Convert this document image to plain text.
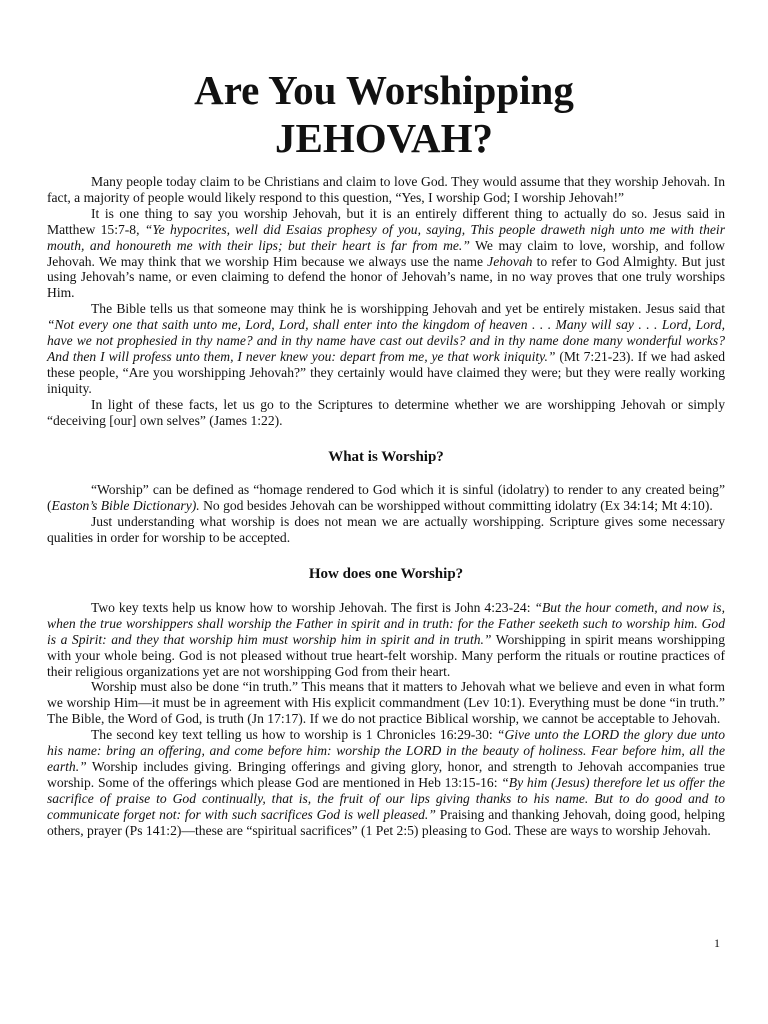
Are You Worshipping
JEHOVAH?

Many people today claim to be Christians and claim to love God. They would assume that they worship Jehovah. In fact, a majority of people would likely respond to this question, “Yes, I worship God; I worship Jehovah!”

It is one thing to say you worship Jehovah, but it is an entirely different thing to actually do so. Jesus said in Matthew 15:7-8, “Ye hypocrites, well did Esaias prophesy of you, saying, This people draweth nigh unto me with their mouth, and honoureth me with their lips; but their heart is far from me.” We may claim to love, worship, and follow Jehovah. We may think that we worship Him because we always use the name Jehovah to refer to God Almighty. But just using Jehovah’s name, or even claiming to defend the honor of Jehovah’s name, in no way proves that one truly worships Him.

The Bible tells us that someone may think he is worshipping Jehovah and yet be entirely mistaken. Jesus said that “Not every one that saith unto me, Lord, Lord, shall enter into the kingdom of heaven . . . Many will say . . . Lord, Lord, have we not prophesied in thy name? and in thy name have cast out devils? and in thy name done many wonderful works? And then I will profess unto them, I never knew you: depart from me, ye that work iniquity.” (Mt 7:21-23). If we had asked these people, “Are you worshipping Jehovah?” they certainly would have claimed they were; but they were really working iniquity.

In light of these facts, let us go to the Scriptures to determine whether we are worshipping Jehovah or simply “deceiving [our] own selves” (James 1:22).

What is Worship?

“Worship” can be defined as “homage rendered to God which it is sinful (idolatry) to render to any created being” (Easton’s Bible Dictionary). No god besides Jehovah can be worshipped without committing idolatry (Ex 34:14; Mt 4:10).

Just understanding what worship is does not mean we are actually worshipping. Scripture gives some necessary qualities in order for worship to be accepted.

How does one Worship?

Two key texts help us know how to worship Jehovah. The first is John 4:23-24: “But the hour cometh, and now is, when the true worshippers shall worship the Father in spirit and in truth: for the Father seeketh such to worship him. God is a Spirit: and they that worship him must worship him in spirit and in truth.” Worshipping in spirit means worshipping with your whole being. God is not pleased without true heart-felt worship. Many perform the rituals or routine practices of their religious organizations yet are not worshipping God from their heart.

Worship must also be done “in truth.” This means that it matters to Jehovah what we believe and even in what form we worship Him—it must be in agreement with His explicit commandment (Lev 10:1). Everything must be done “in truth.” The Bible, the Word of God, is truth (Jn 17:17). If we do not practice Biblical worship, we cannot be acceptable to Jehovah.

The second key text telling us how to worship is 1 Chronicles 16:29-30: “Give unto the LORD the glory due unto his name: bring an offering, and come before him: worship the LORD in the beauty of holiness. Fear before him, all the earth.” Worship includes giving. Bringing offerings and giving glory, honor, and strength to Jehovah accompanies true worship. Some of the offerings which please God are mentioned in Heb 13:15-16: “By him (Jesus) therefore let us offer the sacrifice of praise to God continually, that is, the fruit of our lips giving thanks to his name. But to do good and to communicate forget not: for with such sacrifices God is well pleased.” Praising and thanking Jehovah, doing good, helping others, prayer (Ps 141:2)—these are “spiritual sacrifices” (1 Pet 2:5) pleasing to God. These are ways to worship Jehovah.

1
